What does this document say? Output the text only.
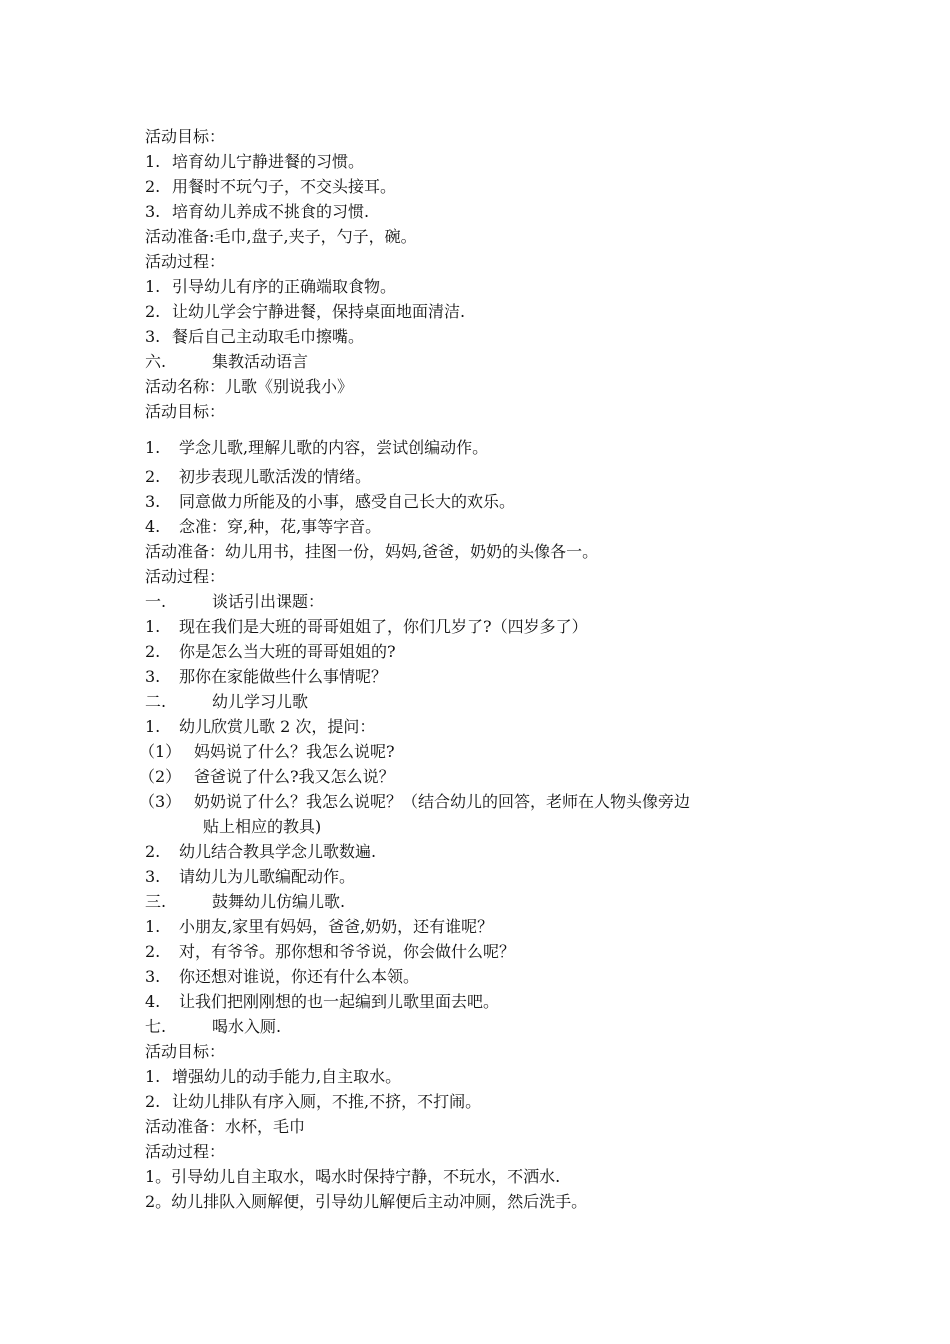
活动目标：
1. 培育幼儿宁静进餐的习惯。
2. 用餐时不玩勺子，不交头接耳。
3. 培育幼儿养成不挑食的习惯.
活动准备:毛巾,盘子,夹子，勺子，碗。
活动过程：
1. 引导幼儿有序的正确端取食物。
2. 让幼儿学会宁静进餐，保持桌面地面清洁.
3. 餐后自己主动取毛巾擦嘴。
六.	集教活动语言
活动名称：儿歌《别说我小》
活动目标：
1. 学念儿歌,理解儿歌的内容，尝试创编动作。
2. 初步表现儿歌活泼的情绪。
3. 同意做力所能及的小事，感受自己长大的欢乐。
4. 念准：穿,种，花,事等字音。
活动准备：幼儿用书，挂图一份，妈妈,爸爸，奶奶的头像各一。
活动过程：
一.	谈话引出课题：
1. 现在我们是大班的哥哥姐姐了，你们几岁了?（四岁多了）
2. 你是怎么当大班的哥哥姐姐的?
3. 那你在家能做些什么事情呢？
二.	幼儿学习儿歌
1. 幼儿欣赏儿歌 2 次，提问：
（1） 妈妈说了什么？我怎么说呢?
（2） 爸爸说了什么?我又怎么说？
（3） 奶奶说了什么？我怎么说呢？（结合幼儿的回答，老师在人物头像旁边
贴上相应的教具)
2. 幼儿结合教具学念儿歌数遍.
3. 请幼儿为儿歌编配动作。
三.	鼓舞幼儿仿编儿歌.
1. 小朋友,家里有妈妈，爸爸,奶奶，还有谁呢？
2. 对，有爷爷。那你想和爷爷说，你会做什么呢？
3. 你还想对谁说，你还有什么本领。
4. 让我们把刚刚想的也一起编到儿歌里面去吧。
七.	喝水入厕.
活动目标：
1. 增强幼儿的动手能力,自主取水。
2. 让幼儿排队有序入厕，不推,不挤，不打闹。
活动准备：水杯，毛巾
活动过程：
1。引导幼儿自主取水，喝水时保持宁静，不玩水，不洒水.
2。幼儿排队入厕解便，引导幼儿解便后主动冲厕，然后洗手。
